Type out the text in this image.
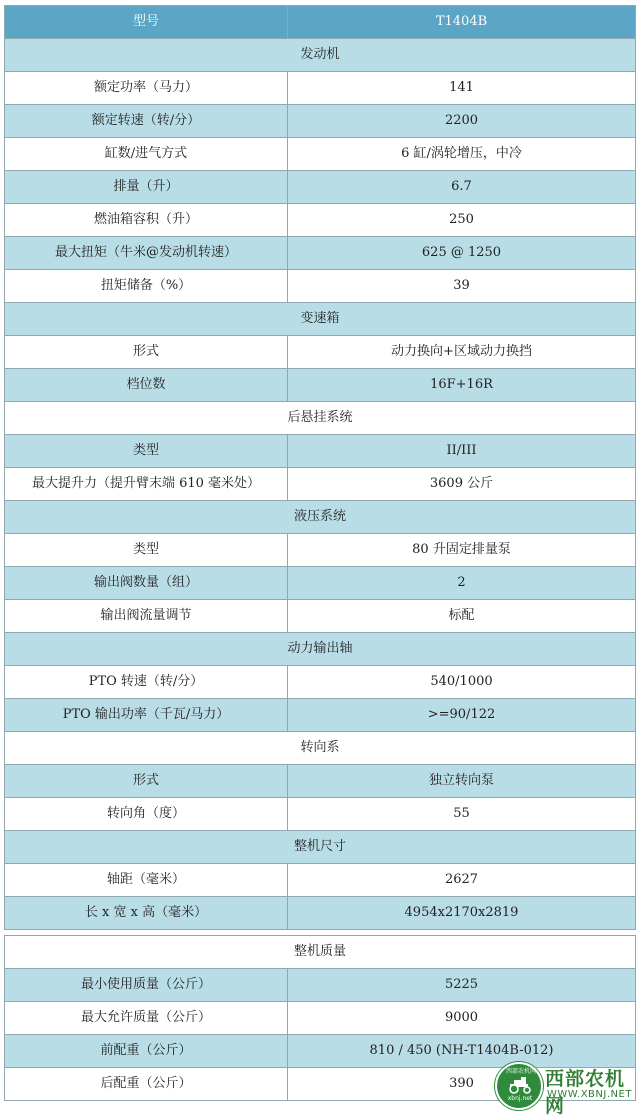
型号	T1404B
发动机	
额定功率（马力）	141
额定转速（转/分）	2200
缸数/进气方式	6 缸/涡轮增压，中冷
排量（升）	6.7
燃油箱容积（升）	250
最大扭矩（牛米@发动机转速）	625 @ 1250
扭矩储备（%）	39
变速箱	
形式	动力换向+区域动力换挡
档位数	16F+16R
后悬挂系统	
类型	II/III
最大提升力（提升臂末端 610 毫米处）	3609 公斤
液压系统	
类型	80 升固定排量泵
输出阀数量（组）	2
输出阀流量调节	标配
动力输出轴	
PTO 转速（转/分）	540/1000
PTO 输出功率（千瓦/马力）	>=90/122
转向系	
形式	独立转向泵
转向角（度）	55
整机尺寸	
轴距（毫米）	2627
长 x 宽 x 高（毫米）	4954x2170x2819
整机质量	
最小使用质量（公斤）	5225
最大允许质量（公斤）	9000
前配重（公斤）	810 / 450 (NH-T1404B-012)
后配重（公斤）	390
西部农机网
xbnj.net
西部农机网
WWW.XBNJ.NET
